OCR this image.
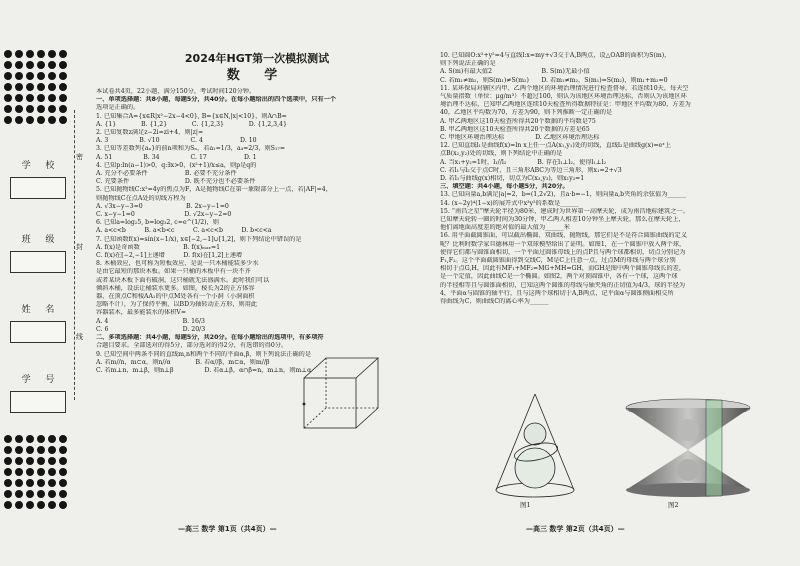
学 校
班 级
姓 名
学 号
密
封
线
2024年HGT第一次模拟测试
数 学
本试卷共4页，22小题，满分150分，考试时间120分钟。
一、单项选择题：共8小题，每题5分，共40分。在每小题给出的四个选项中，只有一个
选项是正确的。
1. 已知集合A={x∈R|x²−2x−4<0}, B={x∈N,|x|<10}，则A∩B=
A. {1}　　　　B. {1,2}　　　　C. {1,2,3}　　　　D. {1,2,3,4}
2. 已知复数z满足z−2i=zi+4，则|z|=
A. 3　　　　　B. √10　　　　　C. 4　　　　　　D. 10
3. 已知等差数列{aₙ}的前n项和为Sₙ，若a₁=1/3，a₄=2/3，则S₁₇=
A. 51　　　　　B. 34　　　　　C. 17　　　　　　D. 1
4. 已知p:ln(a−1)>0，q:∃x>0，(x²+1)/x≤a，则p是q的
A. 充分不必要条件　　　　　　B. 必要不充分条件
C. 充要条件　　　　　　　　　D. 既不充分也不必要条件
5. 已知抛物线C:x²=4y的焦点为F，A是抛物线C在第一象限部分上一点，若|AF|=4，
则抛物线C在点A处的切线方程为
A. √3x−y−3=0　　　　　　　B. 2x−y−1=0
C. x−y−1=0　　　　　　　　D. √2x−y−2=0
6. 已知a=log₂5, b=log₃2, c=e^(1/2)，则
A. a<c<b　　　B. a<b<c　　　C. a<c<b　　　D. b<c<a
7. 已知函数f(x)=sin(x−1/x), x∈[−2,−1]∪[1,2]，则下列结论中错误的是
A. f(x)是奇函数　　　　　　　B. f(x)ₘₐₓ=1
C. f(x)在[−2,−1]上递增　　　D. f(x)在[1,2]上递增
8. 木桶效应，也可称为短板效应，是说一只木桶能装多少水
是由它最短的那块木板。如果一只桶的木板中有一块不齐
或者某块木板下面有破洞，这只桶就无法盛满水。此时我们可以
倾斜木桶，设法让桶装水更多。如图，棱长为2的正方体容
器，在顶点C和棱AA₁的中点M处各有一个小洞（小洞面积
忽略不计），为了保持平衡，以BD为轴转动正方形，则用此
容器装木，最多能装水的体积V=
A. 4　　　　　　　　　　　　B. 16/3
C. 6　　　　　　　　　　　　D. 20/3
二、多项选择题：共4小题，每题5分，共20分。在每小题给出的选项中，有多项符
合题目要求。全部选对的得5分，部分选对的得2分，有选错的得0分。
9. 已知空间中两条不同的直线m,n和两个不同的平面α,β，则下列说法正确的是
A. 若m//n，m⊂α，则n//α　　　　B. 若α//β，m⊂α，则m//β
C. 若m⊥n，m⊥β，则n⊥β　　　　　D. 若α⊥β，α∩β=n，m⊥n，则m⊥α
10. 已知圆O:x²+y²=4与直线l:x=my+√3交于A,B两点，设△OAB的面积为S(m)，
则下列说法正确的是
A. S(m)有最大值2　　　　　　　　B. S(m)无最小值
C. 若m₁≠m₂，则S(m₁)≠S(m₂)　　D. 若m₁≠m₂，S(m₁)=S(m₂)，则m₁+m₂=0
11. 某环保局对辖区内甲、乙两个地区的环境治理情况进行检查督导，若连续10天，每天空
气质量指数（单位：μg/m³）不超过100，则认为该地区环境治理达标，否则认为该地区环
境治理不达标，已知甲乙两地区连续10天检查所得数据特征是：甲地区平均数为80，方差为
40，乙地区平均数为70，方差为90，则下列推断一定正确的是
A. 甲乙两地区这10天检查所得共20个数据的平均数是75
B. 甲乙两地区这10天检查所得共20个数据的方差是65
C. 甲地区环境治理达标　　　　　D. 乙地区环境治理达标
12. 已知直线l₁是曲线f(x)=ln x上任一点A(x₁,y₁)处的切线，直线l₂是曲线g(x)=eˣ上
点B(x₂,y₂)处的切线，则下列结论中正确的是
A. 当x₁+y₂=1时，l₁//l₂　　　　　B. 存在l₁⊥l₂，使得l₁⊥l₂
C. 若l₁与l₂交于点C时，且三角形ABC为等边三角形，则x₁=2+√3
D. 若l₁与曲线g(x)相切，切点为C(x₃,y₃)，则x₁y₃=1
三、填空题：共4小题，每小题5分，共20分。
13. 已知向量a,b满足|a|=2，b=(1,2√2)，且a·b=−1，则向量a,b夹角的余弦值为______
14. (x−2y)⁴(1−x)的展开式中x³y²的系数是______
15. “南昌之星”摩天轮半径为80米，建成时为世界第一高摩天轮，成为南昌地标建筑之一。
已知摩天轮转一圈的时间为30分钟，甲乙两人相差10分钟坐上摩天轮，那么在摩天轮上，
他们离地面高度差的绝对值的最大值为______米
16. 用平面截圆锥面，可以截出椭圆、双曲线、抛物线，那它们是不是符合圆锥曲线的定义
呢？比利时数学家旦德林用一个双球模型给出了证明。如图1，在一个圆锥中放入两个球，
使得它们都与圆锥面相切，一个平面过圆锥母线上的点P且与两个球都相切，切点分别记为
F₁,F₂。这个平面截圆锥面得到交线C，M是C上任意一点，过点M的母线与两个球分别
相切于点G,H，因此有MF₁+MF₂=MG+MH=GH，而GH是图中两个圆锥母线长的差，
是一个定值，因此曲线C是一个椭圆。如图2，两个对顶圆锥中，各有一个球，这两个球
的半径相等且与圆锥面相切，已知这两个圆锥的母线与轴夹角的正切值为4/3，球的半径为
4，平面α与圆锥的轴平行，且与这两个球相切于A,B两点，记平面α与圆锥侧面相交所
得曲线为C，则曲线C的离心率为______
图1	图2
—高三 数学 第1页（共4页）—	—高三 数学 第2页（共4页）—
